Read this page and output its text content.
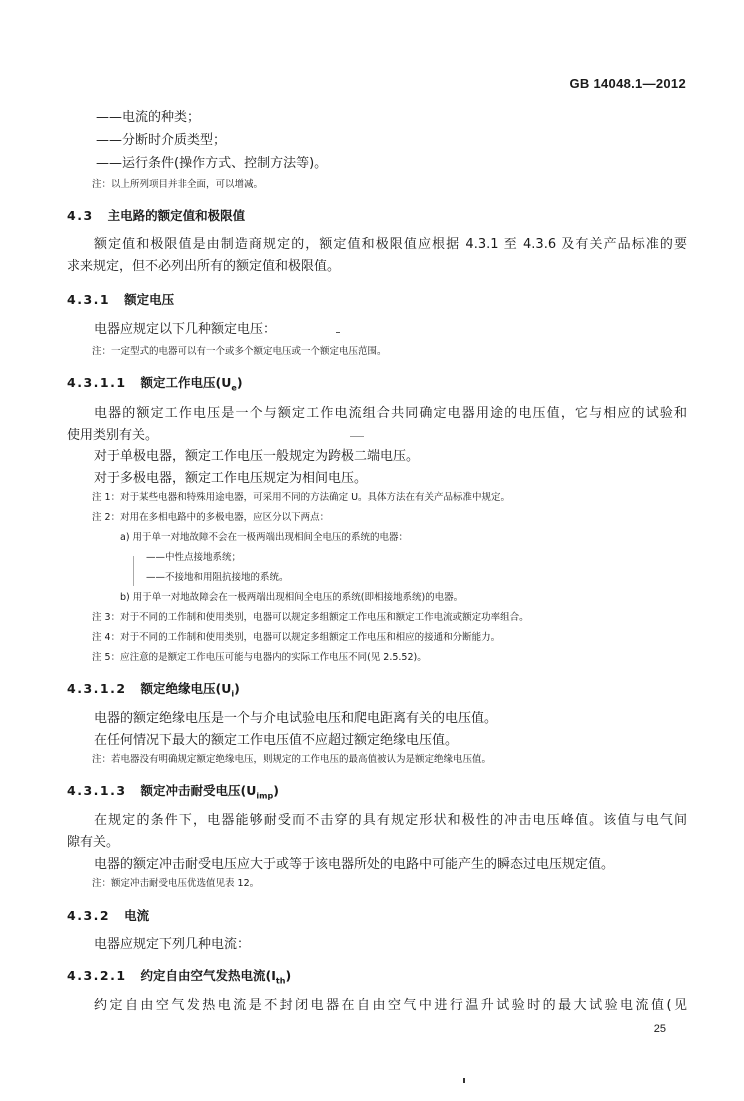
GB 14048.1—2012
——电流的种类；
——分断时介质类型；
——运行条件(操作方式、控制方法等)。
注：以上所列项目并非全面，可以增减。
4.3 主电路的额定值和极限值
额定值和极限值是由制造商规定的，额定值和极限值应根据 4.3.1 至 4.3.6 及有关产品标准的要
求来规定，但不必列出所有的额定值和极限值。
4.3.1 额定电压
电器应规定以下几种额定电压：
注：一定型式的电器可以有一个或多个额定电压或一个额定电压范围。
4.3.1.1 额定工作电压$(U_e)$
电器的额定工作电压是一个与额定工作电流组合共同确定电器用途的电压值，它与相应的试验和
使用类别有关。
对于单极电器，额定工作电压一般规定为跨极二端电压。
对于多极电器，额定工作电压规定为相间电压。
注 1：对于某些电器和特殊用途电器，可采用不同的方法确定 U。具体方法在有关产品标准中规定。
注 2：对用在多相电路中的多极电器，应区分以下两点：
a) 用于单一对地故障不会在一极两端出现相间全电压的系统的电器：
——中性点接地系统；
——不接地和用阻抗接地的系统。
b) 用于单一对地故障会在一极两端出现相间全电压的系统(即相接地系统)的电器。
注 3：对于不同的工作制和使用类别，电器可以规定多组额定工作电压和额定工作电流或额定功率组合。
注 4：对于不同的工作制和使用类别，电器可以规定多组额定工作电压和相应的接通和分断能力。
注 5：应注意的是额定工作电压可能与电器内的实际工作电压不同(见 2.5.52)。
4.3.1.2 额定绝缘电压$(U_i)$
电器的额定绝缘电压是一个与介电试验电压和爬电距离有关的电压值。
在任何情况下最大的额定工作电压值不应超过额定绝缘电压值。
注：若电器没有明确规定额定绝缘电压，则规定的工作电压的最高值被认为是额定绝缘电压值。
4.3.1.3 额定冲击耐受电压$(U_{imp})$
在规定的条件下，电器能够耐受而不击穿的具有规定形状和极性的冲击电压峰值。该值与电气间
隙有关。
电器的额定冲击耐受电压应大于或等于该电器所处的电路中可能产生的瞬态过电压规定值。
注：额定冲击耐受电压优选值见表 12。
4.3.2 电流
电器应规定下列几种电流：
4.3.2.1 约定自由空气发热电流$(I_{th})$
约定自由空气发热电流是不封闭电器在自由空气中进行温升试验时的最大试验电流值(见
25
